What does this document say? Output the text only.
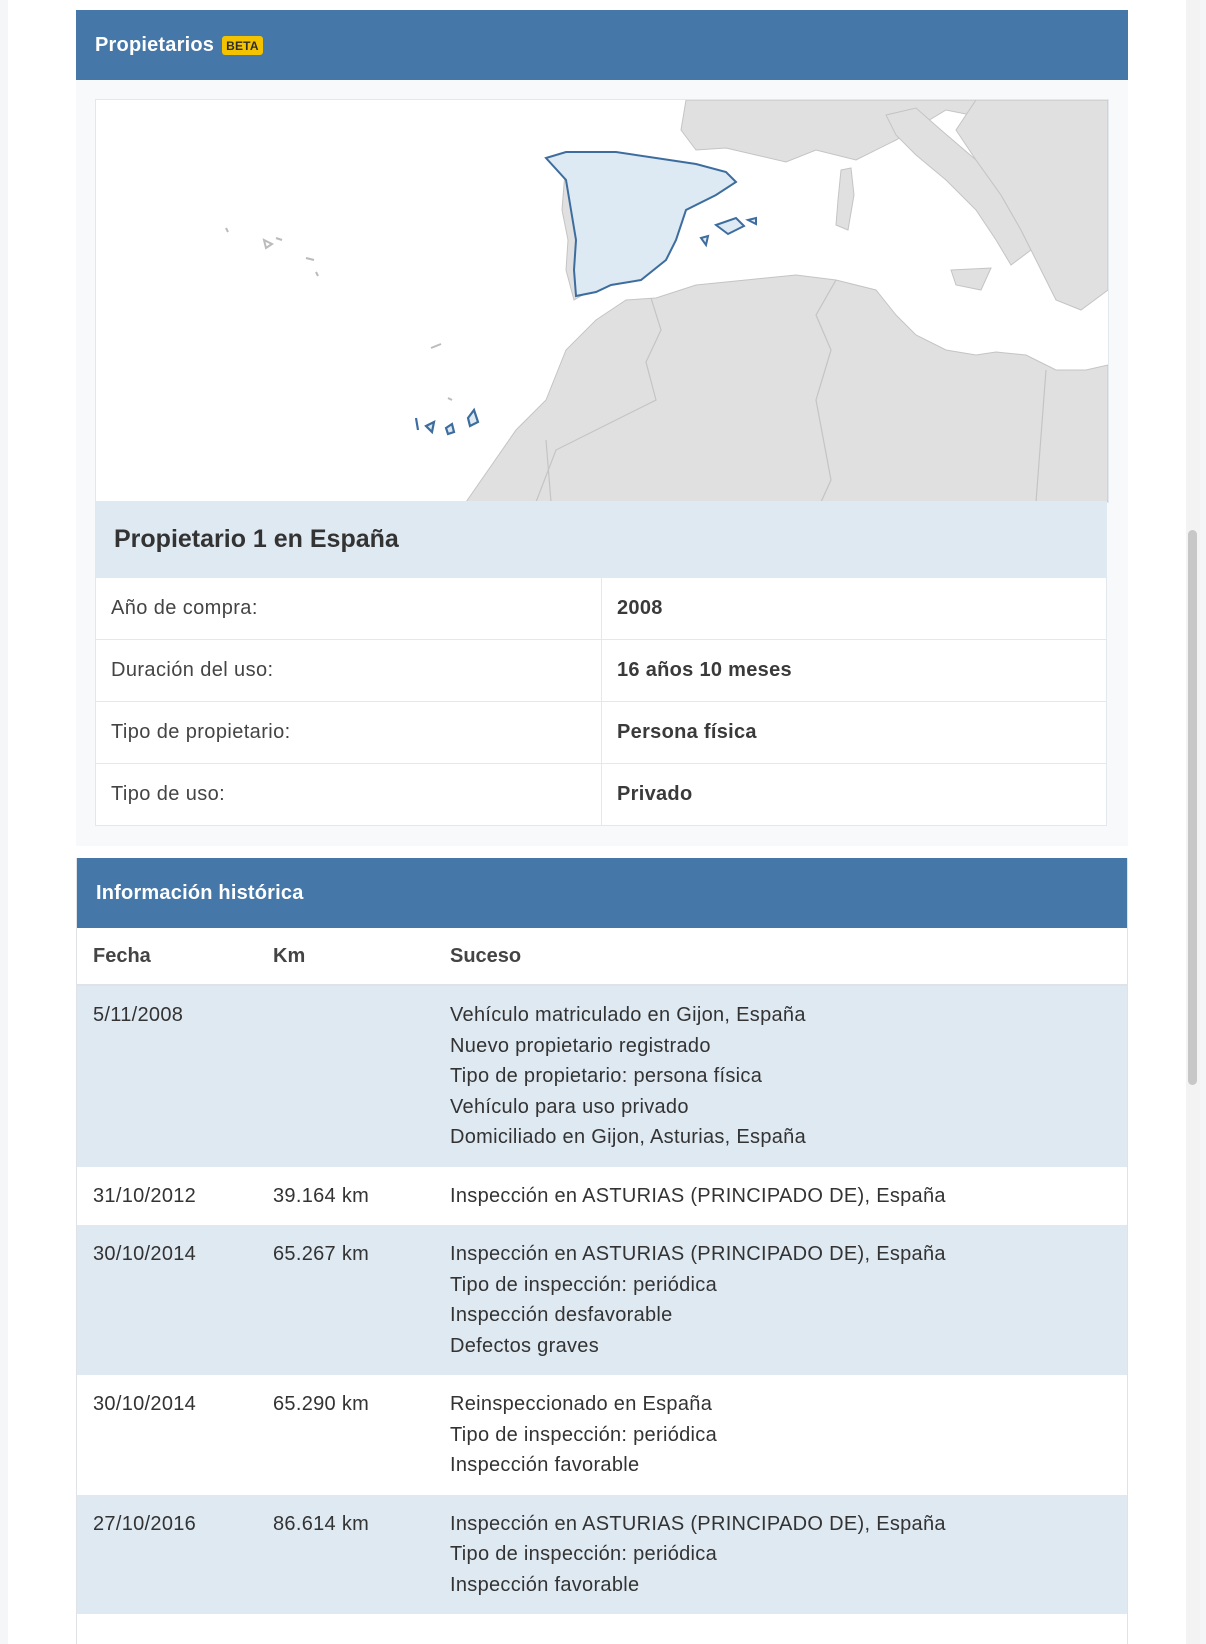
Propietarios	BETA
Propietario 1 en España
Año de compra:	2008
Duración del uso:	16 años 10 meses
Tipo de propietario:	Persona física
Tipo de uso:	Privado
Información histórica
Fecha	Km	Suceso
5/11/2008		Vehículo matriculado en Gijon, España
Nuevo propietario registrado
Tipo de propietario: persona física
Vehículo para uso privado
Domiciliado en Gijon, Asturias, España

31/10/2012	39.164 km	Inspección en ASTURIAS (PRINCIPADO DE), España

30/10/2014	65.267 km	Inspección en ASTURIAS (PRINCIPADO DE), España
Tipo de inspección: periódica
Inspección desfavorable
Defectos graves

30/10/2014	65.290 km	Reinspeccionado en España
Tipo de inspección: periódica
Inspección favorable

27/10/2016	86.614 km	Inspección en ASTURIAS (PRINCIPADO DE), España
Tipo de inspección: periódica
Inspección favorable
